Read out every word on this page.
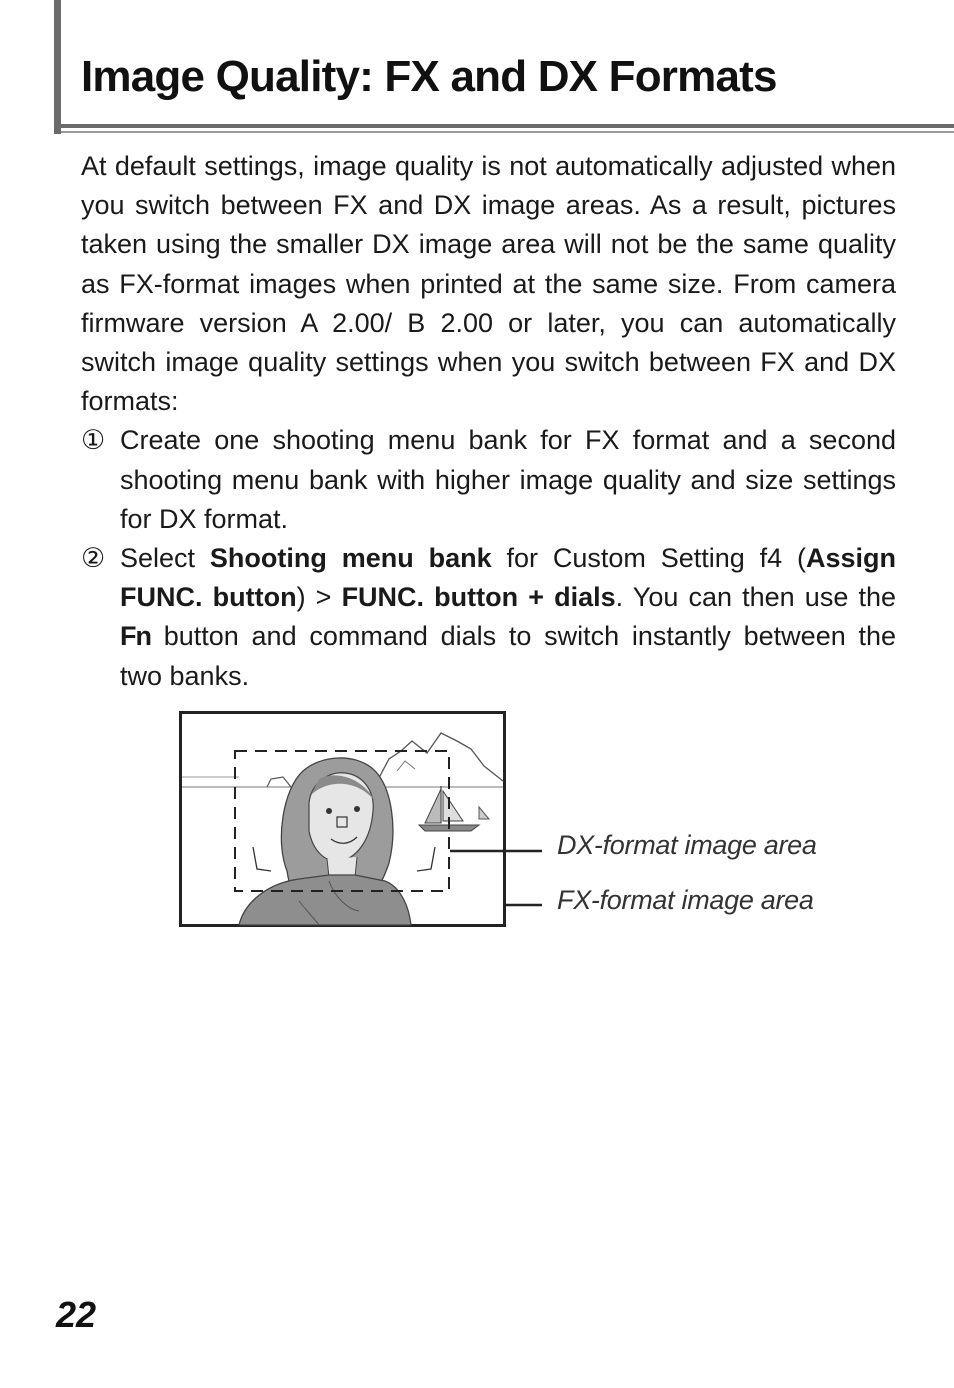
Image Quality: FX and DX Formats

At default settings, image quality is not automatically adjusted when you switch between FX and DX image areas. As a result, pictures taken using the smaller DX image area will not be the same quality as FX-format images when printed at the same size. From camera firmware version A 2.00/ B 2.00 or later, you can automatically switch image quality settings when you switch between FX and DX formats:

① Create one shooting menu bank for FX format and a second shooting menu bank with higher image quality and size settings for DX format.

② Select Shooting menu bank for Custom Setting f4 (Assign FUNC. button) > FUNC. button + dials. You can then use the Fn button and command dials to switch instantly between the two banks.

DX-format image area
FX-format image area

22
